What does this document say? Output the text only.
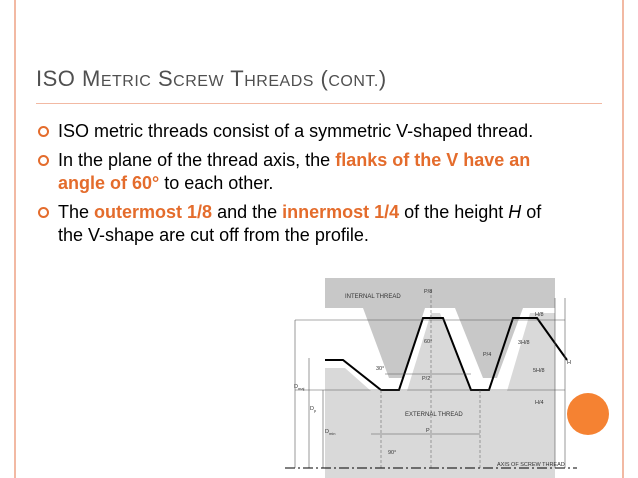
ISO METRIC SCREW THREADS (CONT.)
ISO metric threads consist of a symmetric V-shaped thread.
In the plane of the thread axis, the flanks of the V have an angle of 60° to each other.
The outermost 1/8 and the innermost 1/4 of the height H of the V-shape are cut off from the profile.
INTERNAL THREAD
P/8
H/8
60°	3H/8
P/4
H
30°	5H/8
P/2
$D_{maj}$
H/4
$D_p$
EXTERNAL THREAD
$D_{min}$	P
90°
AXIS OF SCREW THREAD
